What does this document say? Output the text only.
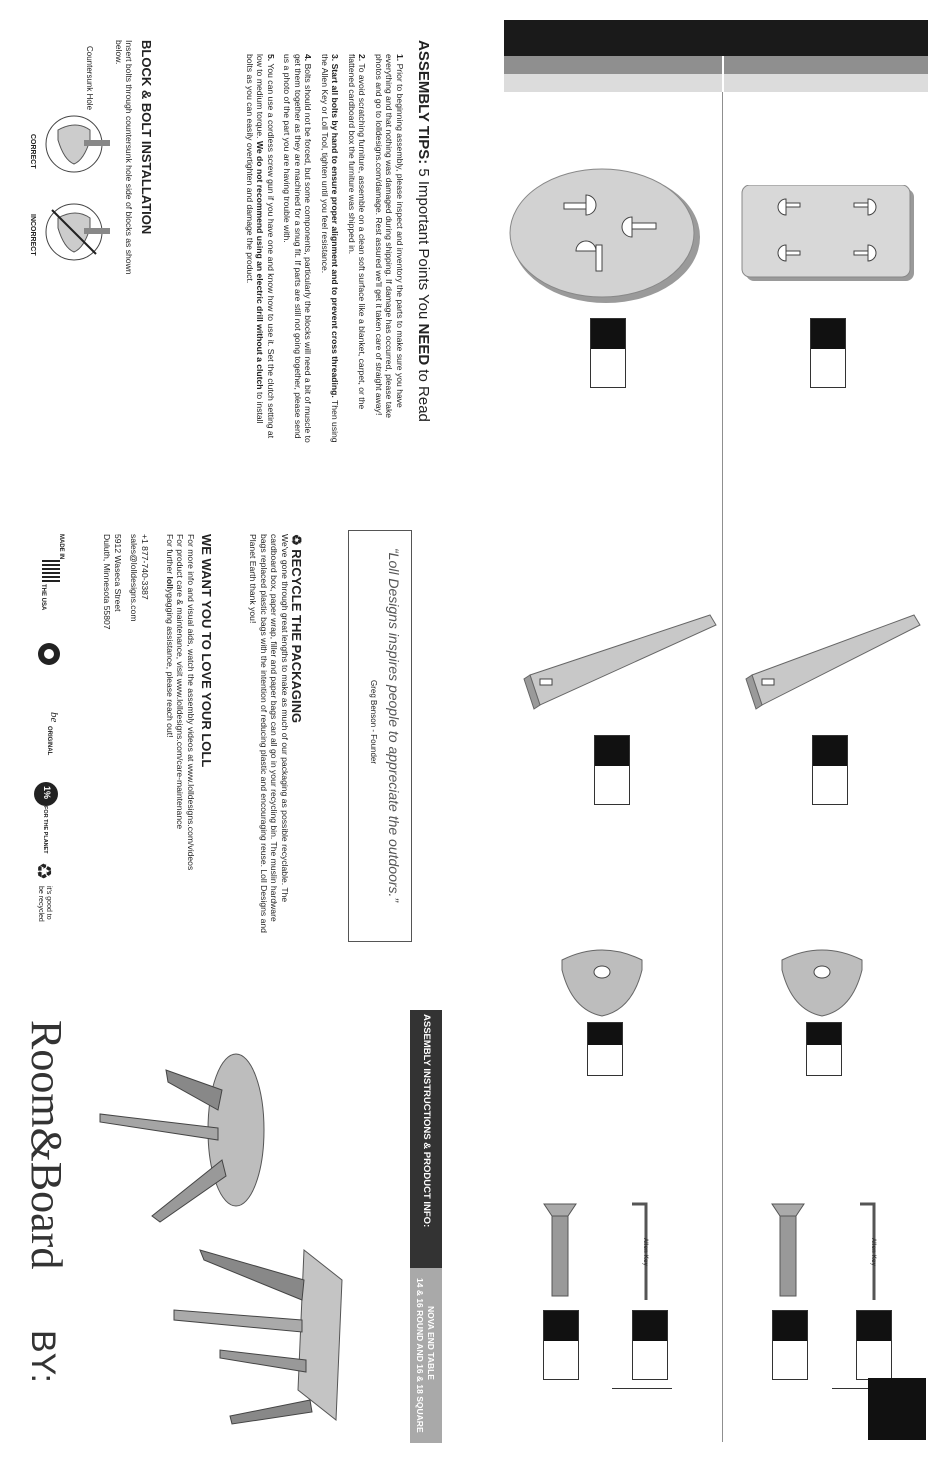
Allen Key	Allen Key
ASSEMBLY INSTRUCTIONS & PRODUCT INFO:
NOVA END TABLE
14 & 16 ROUND AND 16 & 18 SQUARE
ASSEMBLY TIPS: 5 Important Points You NEED to Read

1. Prior to beginning assembly, please inspect and inventory the parts to make sure you have everything and that nothing was damaged during shipping. If damage has occurred, please take photos and go to lolldesigns.com/damage. Rest assured we'll get it taken care of straight away!

2. To avoid scratching furniture, assemble on a clean soft surface like a blanket, carpet, or the flattened cardboard box the furniture was shipped in.

3. Start all bolts by hand to ensure proper alignment and to prevent cross threading. Then using the Allen Key or Loll Tool, tighten until you feel resistance.

4. Bolts should not be forced, but some components, particularly the blocks will need a bit of muscle to get them together as they are machined for a snug fit. If parts are still not going together, please send us a photo of the part you are having trouble with.

5. You can use a cordless screw gun if you have one and know how to use it. Set the clutch setting at low to medium torque. We do not recommend using an electric drill without a clutch to install bolts as you can easily overtighten and damage the product.

BLOCK & BOLT INSTALLATION
Insert bolts through countersunk hole side of blocks as shown below.
Countersunk Hole
CORRECT
INCORRECT
“Loll Designs inspires people to appreciate the outdoors.”
Greg Benson - Founder
♻ RECYCLE THE PACKAGING
We've gone through great lengths to make as much of our packaging as possible recyclable. The cardboard box, paper wrap, filler and paper bags can all go in your recycling bin. The muslin hardware bags replaced plastic bags with the intention of reducing plastic and encouraging reuse. Loll Designs and Planet Earth thank you!
WE WANT YOU TO LOVE YOUR LOLL
For more info and visual aids, watch the assembly videos at www.lolldesigns.com/videos
For product care & maintenance, visit www.lolldesigns.com/care-maintenance
For further lollygagging assistance, please reach out!
+1 877-740-3387
sales@lolldesigns.com
5912 Waseca Street
Duluth, Minnesota 55807
MADE IN
THE USA
be
ORIGINAL
1%
FOR THE PLANET
♻
it's good to
be recycled
Room&Board
BY:
loll
DESIGNS
